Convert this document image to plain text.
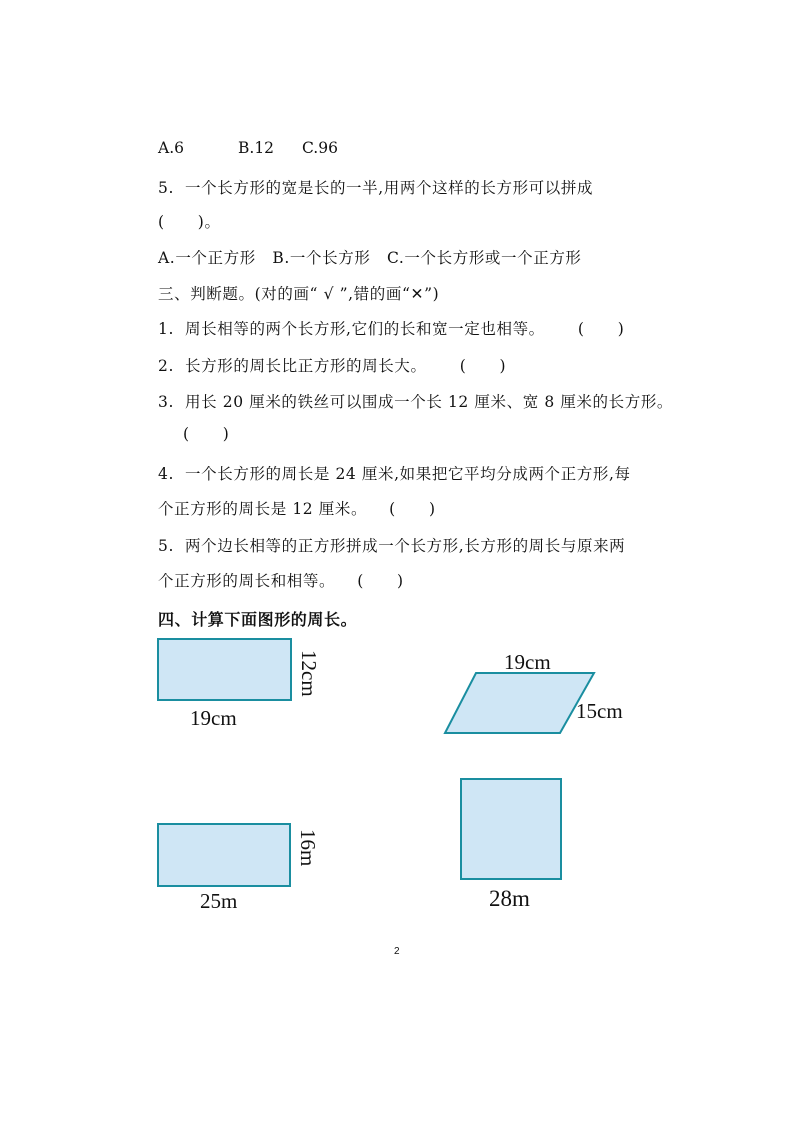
A.6	B.12 C.96
5.  一个长方形的宽是长的一半,用两个这样的长方形可以拼成
(      )。
A.一个正方形   B.一个长方形   C.一个长方形或一个正方形
三、判断题。(对的画“ √ ”,错的画“✕”)
1.  周长相等的两个长方形,它们的长和宽一定也相等。      (      )
2.  长方形的周长比正方形的周长大。      (      )
3.  用长 20 厘米的铁丝可以围成一个长 12 厘米、宽 8 厘米的长方形。
(      )
4.  一个长方形的周长是 24 厘米,如果把它平均分成两个正方形,每
个正方形的周长是 12 厘米。    (      )
5.  两个边长相等的正方形拼成一个长方形,长方形的周长与原来两
个正方形的周长和相等。    (      )
四、计算下面图形的周长。
19cm
12cm	19cm
15cm
25m
16m
28m
2
